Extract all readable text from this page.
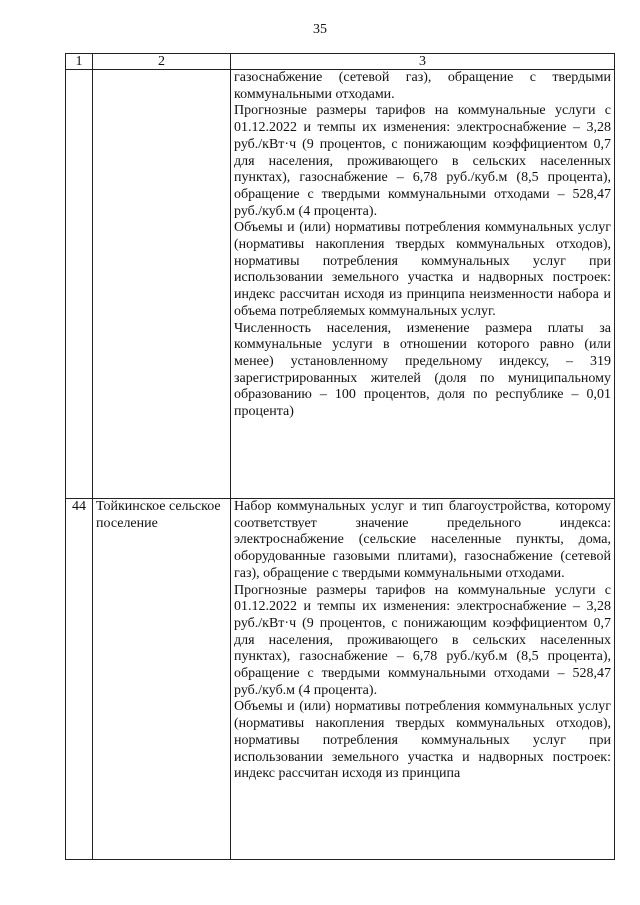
35
1	2	3

		газоснабжение (сетевой газ), обращение с твердыми коммунальными отходами.

Прогнозные размеры тарифов на коммунальные услуги с 01.12.2022 и темпы их изменения: электроснабжение – 3,28 руб./кВт·ч (9 процентов, с понижающим коэффициентом 0,7 для населения, проживающего в сельских населенных пунктах), газоснабжение – 6,78 руб./куб.м (8,5 процента), обращение с твердыми коммунальными отходами – 528,47 руб./куб.м (4 процента).

Объемы и (или) нормативы потребления коммунальных услуг (нормативы накопления твердых коммунальных отходов), нормативы потребления коммунальных услуг при использовании земельного участка и надворных построек: индекс рассчитан исходя из принципа неизменности набора и объема потребляемых коммунальных услуг.

Численность населения, изменение размера платы за коммунальные услуги в отношении которого равно (или менее) установленному предельному индексу, – 319 зарегистрированных жителей (доля по муниципальному образованию – 100 процентов, доля по республике – 0,01 процента)

44	Тойкинское сельское поселение	Набор коммунальных услуг и тип благоустройства, которому соответствует значение предельного индекса: электроснабжение (сельские населенные пункты, дома, оборудованные газовыми плитами), газоснабжение (сетевой газ), обращение с твердыми коммунальными отходами.

Прогнозные размеры тарифов на коммунальные услуги с 01.12.2022 и темпы их изменения: электроснабжение – 3,28 руб./кВт·ч (9 процентов, с понижающим коэффициентом 0,7 для населения, проживающего в сельских населенных пунктах), газоснабжение – 6,78 руб./куб.м (8,5 процента), обращение с твердыми коммунальными отходами – 528,47 руб./куб.м (4 процента).

Объемы и (или) нормативы потребления коммунальных услуг (нормативы накопления твердых коммунальных отходов), нормативы потребления коммунальных услуг при использовании земельного участка и надворных построек: индекс рассчитан исходя из принципа
